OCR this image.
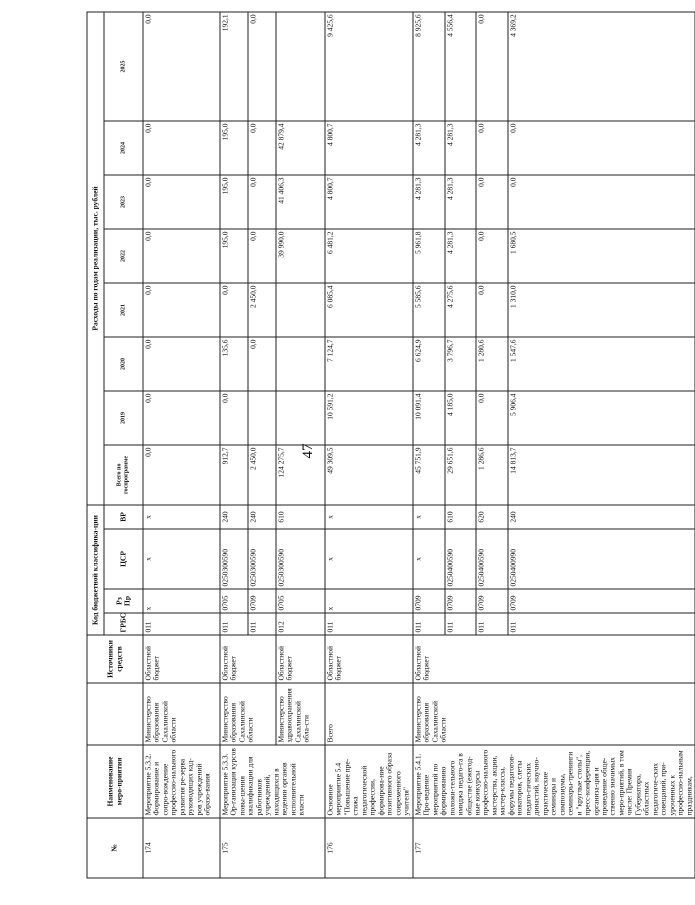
47
№	Наименование меро-приятия		Источники средств	Код бюджетной классифика-ции				Расходы по годам реализации, тыс. рублей							
				ГРБС	Рз Пр	ЦСР	ВР	Всего по госпрограмме	2019	2020	2021	2022	2023	2024	2025
174	Мероприятие 5.3.2. Формирование и сопро-вождение профессио-нального развития ре-зерва руководящих кад-ров учреждений образо-вания	Министерство образования Сахалинской области	Областной бюджет	011	x	x	x	0,0	0,0	0,0	0,0	0,0	0,0	0,0	0,0
175	Мероприятие 5.3.3. Ор-ганизация курсов повы-шения квалификации для работников учреждений, находящихся в ведении органов исполнительной власти	Министерство образования Сахалинской области	Областной бюджет	011	0705	0250300590	240	912,7	0,0	135,6	0,0	195,0	195,0	195,0	192,1
				011	0709	0250300590	240	2 450,0		0,0	2 450,0	0,0	0,0	0,0	0,0
		Министерство здравоохранения Сахалинской обла-сти	Областной бюджет	012	0705	0250300590	610	124 275,7				39 990,0	41 406,3	42 879,4	
176	Основное мероприятие 5.4 "Повышение пре-стижа педагогической профессии, формирова-ние позитивного образа современного учителя"	Всего	Областной бюджет	011	x	x	x	49 309,5	10 591,2	7 124,7	6 085,4	6 481,2	4 800,7	4 800,7	9 425,6
177	Мероприятие 5.4.1. Про-ведение мероприятий по формированию положи-тельного имиджа педаго-га в обществе (ежегод-ные конкурсы профессио-нального мастерства, акции, мастер-классы, форумы педагогов-новаторов, слеты педаго-гических династий, научно-практические семинары и симпозиумы, семинары-тренинги и "круглые столы", пресс-конференции, организа-ция и проведение обще-ственно значимых меро-приятий, в том числе: Премия Губернатора, областных педагогиче-ских совещаний, при-уроченных к профессио-нальным праздникам,	Министерство образования Сахалинской области	Областной бюджет	011	0709	x	x	45 751,9	10 091,4	6 624,9	5 585,6	5 961,8	4 281,3	4 281,3	8 925,6
				011	0709	0250400590	610	29 651,6	4 185,0	3 796,7	4 275,6	4 281,3	4 281,3	4 281,3	4 556,4
				011	0709	0250400590	620	1 286,6	0,0	1 280,6	0,0	0,0	0,0	0,0	0,0
				011	0709	0250400990	240	14 813,7	5 906,4	1 547,6	1 310,0	1 680,5	0,0	0,0	4 369,2
